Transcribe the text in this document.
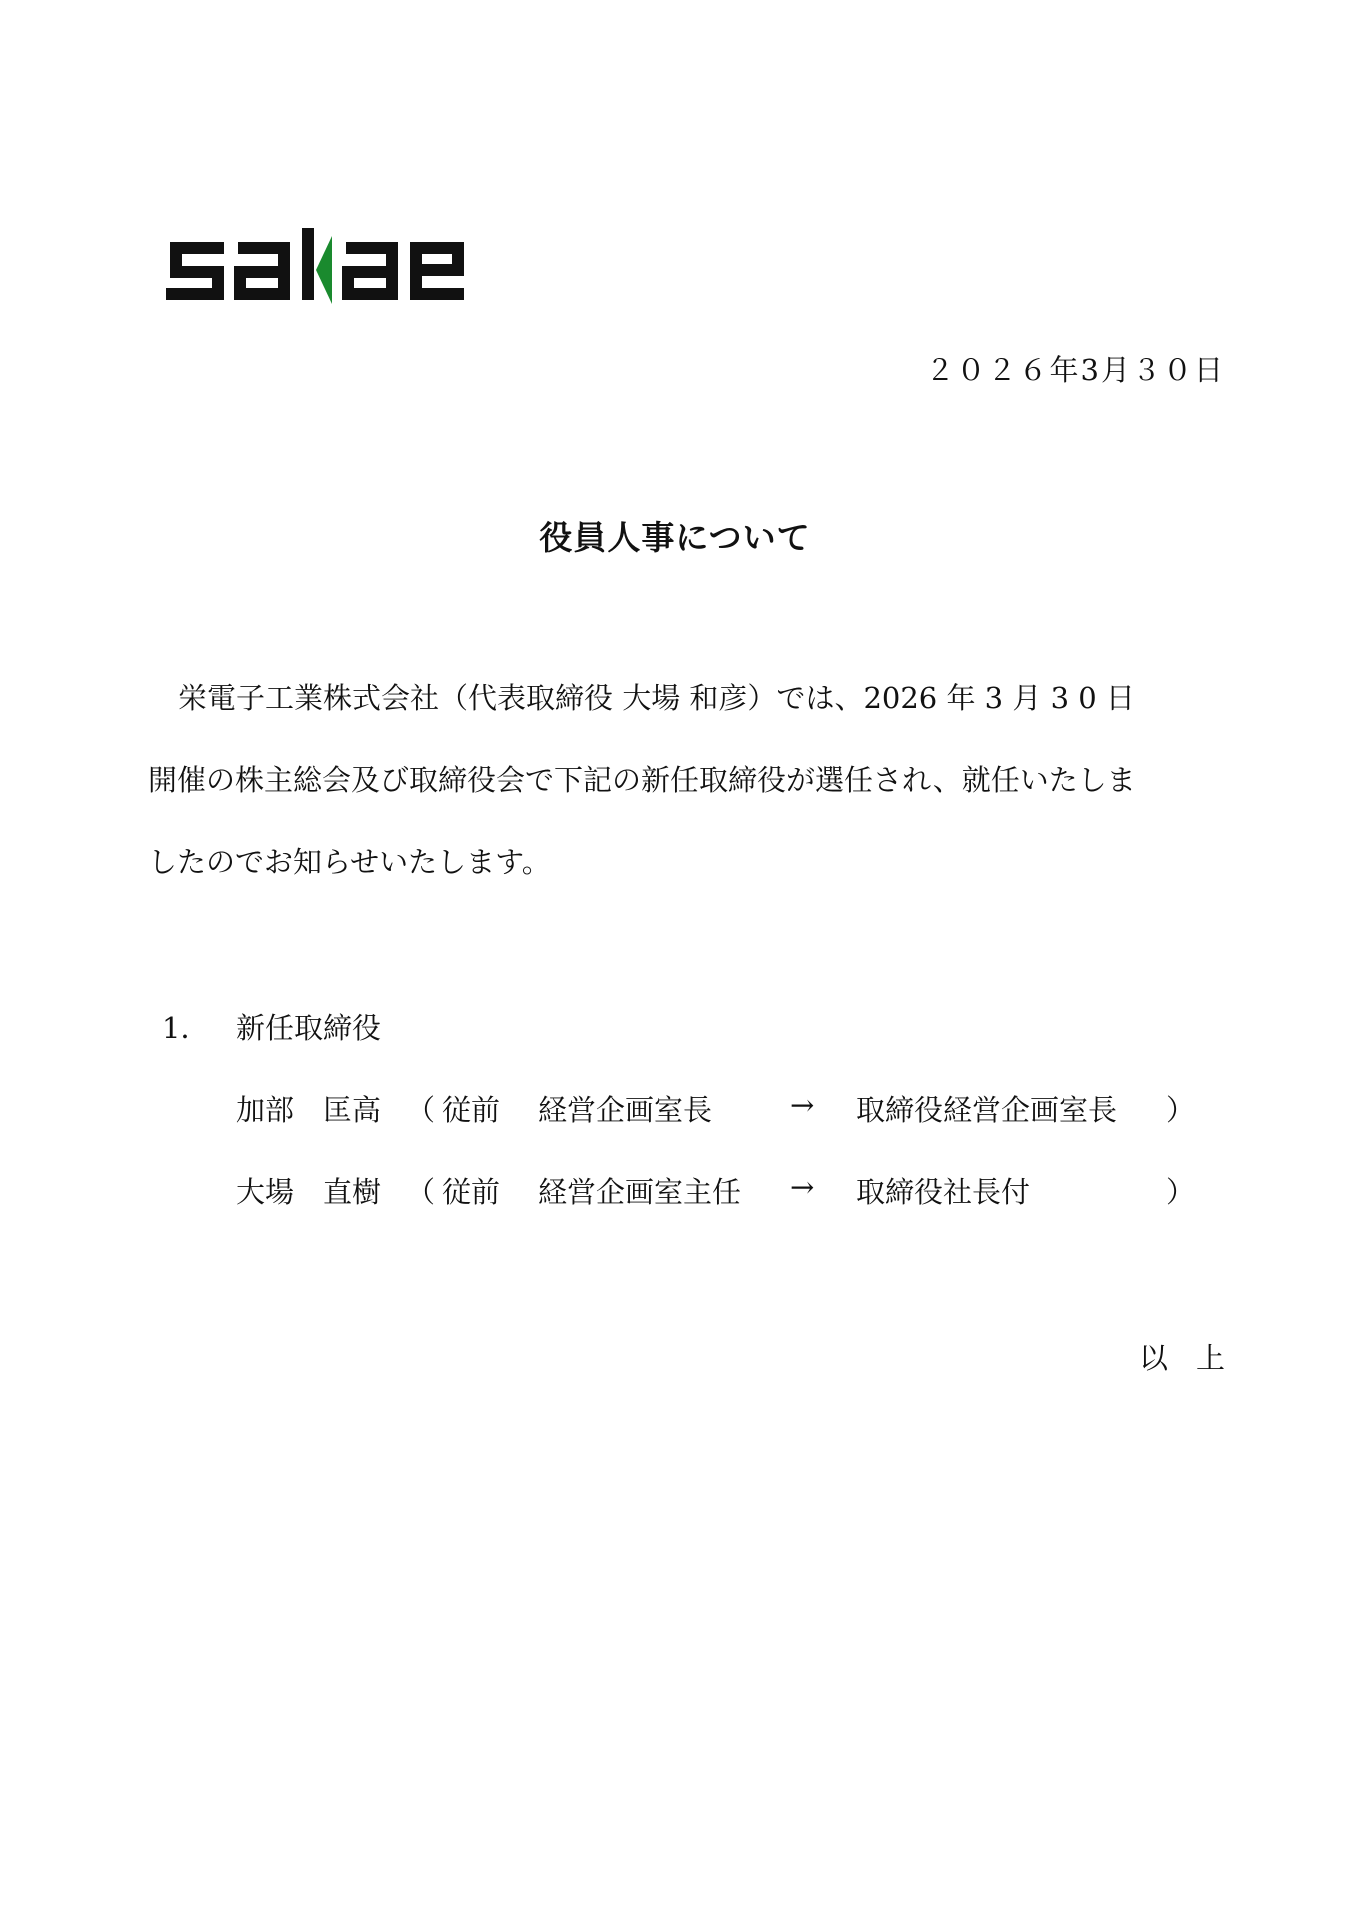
２０２６年3月３０日
役員人事について
栄電子工業株式会社（代表取締役 大場 和彦）では、2026 年 3 月 3 0 日
開催の株主総会及び取締役会で下記の新任取締役が選任され、就任いたしま
したのでお知らせいたします。
1． 新任取締役
加部　匡高 （ 従前 経営企画室長	→ 取締役経営企画室長 ）
大場　直樹 （ 従前 経営企画室主任 → 取締役社長付	）
以上
